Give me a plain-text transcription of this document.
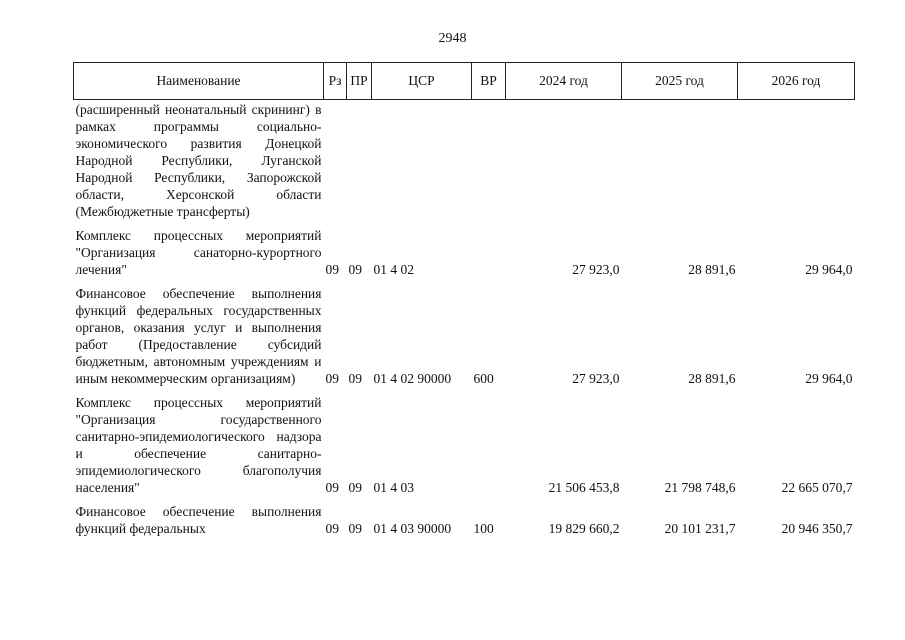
2948
Наименование	Рз	ПР	ЦСР	ВР	2024 год	2025 год	2026 год
(расширенный неонатальный скрининг) в рамках программы социально-экономического развития Донецкой Народной Республики, Луганской Народной Республики, Запорожской области, Херсонской области (Межбюджетные трансферты)							

Комплекс процессных мероприятий "Организация санаторно-курортного лечения"	09	09	01 4 02		27 923,0	28 891,6	29 964,0

Финансовое обеспечение выполнения функций федеральных государственных органов, оказания услуг и выполнения работ (Предоставление субсидий бюджетным, автономным учреждениям и иным некоммерческим организациям)	09	09	01 4 02 90000	600	27 923,0	28 891,6	29 964,0

Комплекс процессных мероприятий "Организация государственного санитарно-эпидемиологического надзора и обеспечение санитарно-эпидемиологического благополучия населения"	09	09	01 4 03		21 506 453,8	21 798 748,6	22 665 070,7

Финансовое обеспечение выполнения функций федеральных	09	09	01 4 03 90000	100	19 829 660,2	20 101 231,7	20 946 350,7
